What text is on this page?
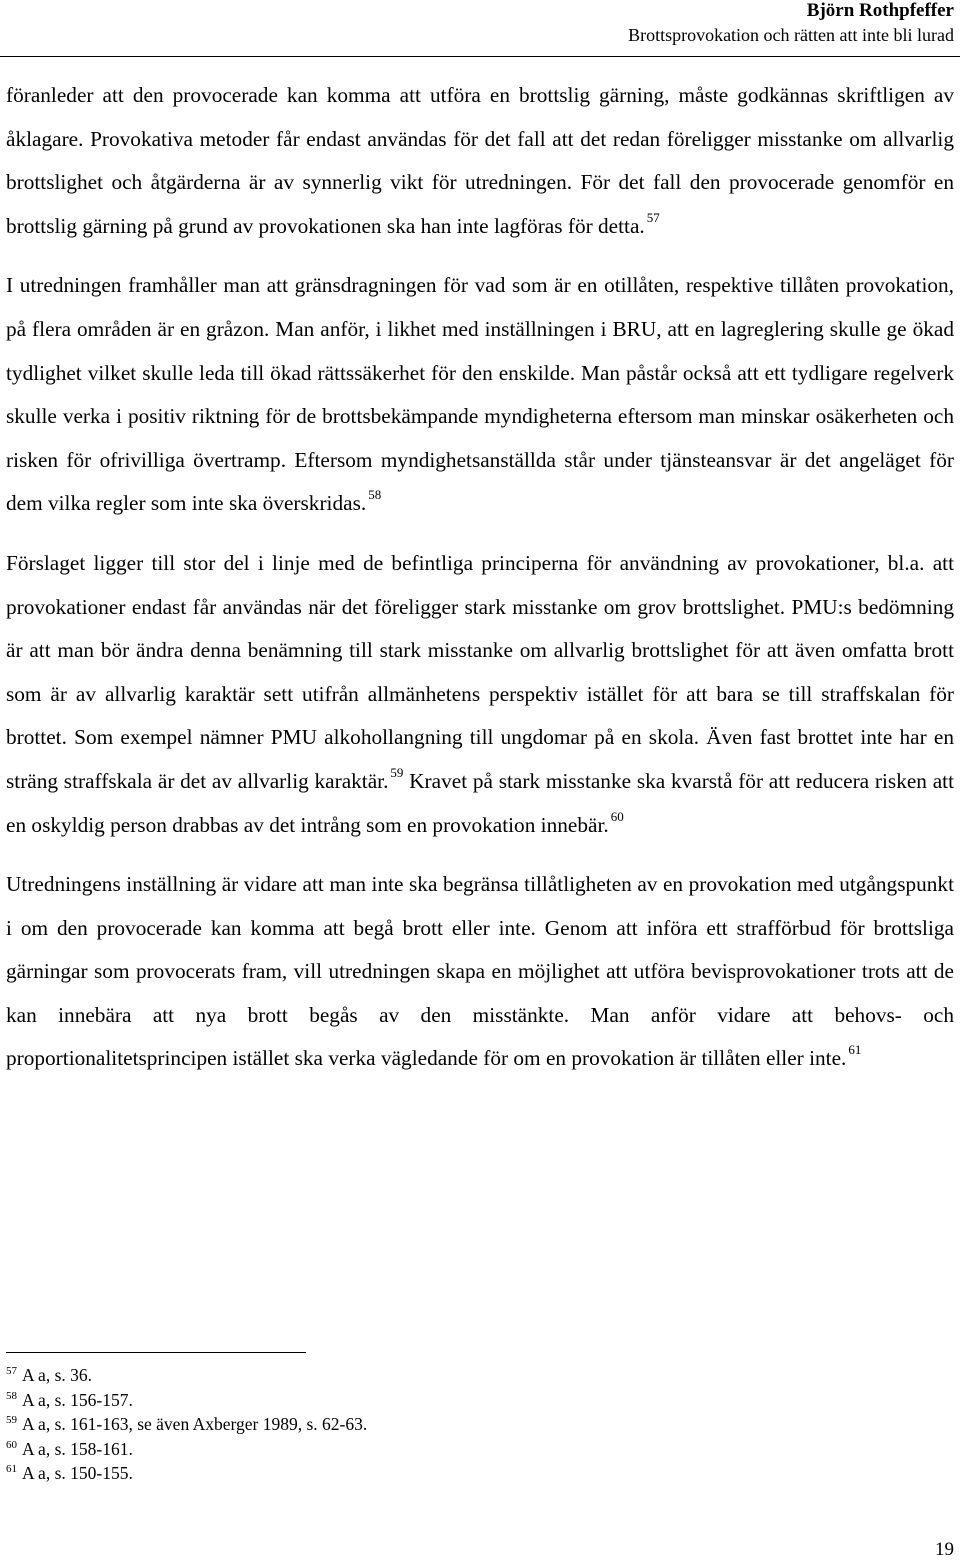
Björn Rothpfeffer
Brottsprovokation och rätten att inte bli lurad

föranleder att den provocerade kan komma att utföra en brottslig gärning, måste godkännas skriftligen av åklagare. Provokativa metoder får endast användas för det fall att det redan föreligger misstanke om allvarlig brottslighet och åtgärderna är av synnerlig vikt för utredningen. För det fall den provocerade genomför en brottslig gärning på grund av provokationen ska han inte lagföras för detta. $^{57}$

I utredningen framhåller man att gränsdragningen för vad som är en otillåten, respektive tillåten provokation, på flera områden är en gråzon. Man anför, i likhet med inställningen i BRU, att en lagreglering skulle ge ökad tydlighet vilket skulle leda till ökad rättssäkerhet för den enskilde. Man påstår också att ett tydligare regelverk skulle verka i positiv riktning för de brottsbekämpande myndigheterna eftersom man minskar osäkerheten och risken för ofrivilliga övertramp. Eftersom myndighetsanställda står under tjänsteansvar är det angeläget för dem vilka regler som inte ska överskridas. $^{58}$

Förslaget ligger till stor del i linje med de befintliga principerna för användning av provokationer, bl.a. att provokationer endast får användas när det föreligger stark misstanke om grov brottslighet. PMU:s bedömning är att man bör ändra denna benämning till stark misstanke om allvarlig brottslighet för att även omfatta brott som är av allvarlig karaktär sett utifrån allmänhetens perspektiv istället för att bara se till straffskalan för brottet. Som exempel nämner PMU alkohollangning till ungdomar på en skola. Även fast brottet inte har en sträng straffskala är det av allvarlig karaktär. $^{59}$ Kravet på stark misstanke ska kvarstå för att reducera risken att en oskyldig person drabbas av det intrång som en provokation innebär. $^{60}$

Utredningens inställning är vidare att man inte ska begränsa tillåtligheten av en provokation med utgångspunkt i om den provocerade kan komma att begå brott eller inte. Genom att införa ett strafförbud för brottsliga gärningar som provocerats fram, vill utredningen skapa en möjlighet att utföra bevisprovokationer trots att de kan innebära att nya brott begås av den misstänkte. Man anför vidare att behovs- och proportionalitetsprincipen istället ska verka vägledande för om en provokation är tillåten eller inte. $^{61}$

$^{57}$ A a, s. 36.
$^{58}$ A a, s. 156-157.
$^{59}$ A a, s. 161-163, se även Axberger 1989, s. 62-63.
$^{60}$ A a, s. 158-161.
$^{61}$ A a, s. 150-155.
19
